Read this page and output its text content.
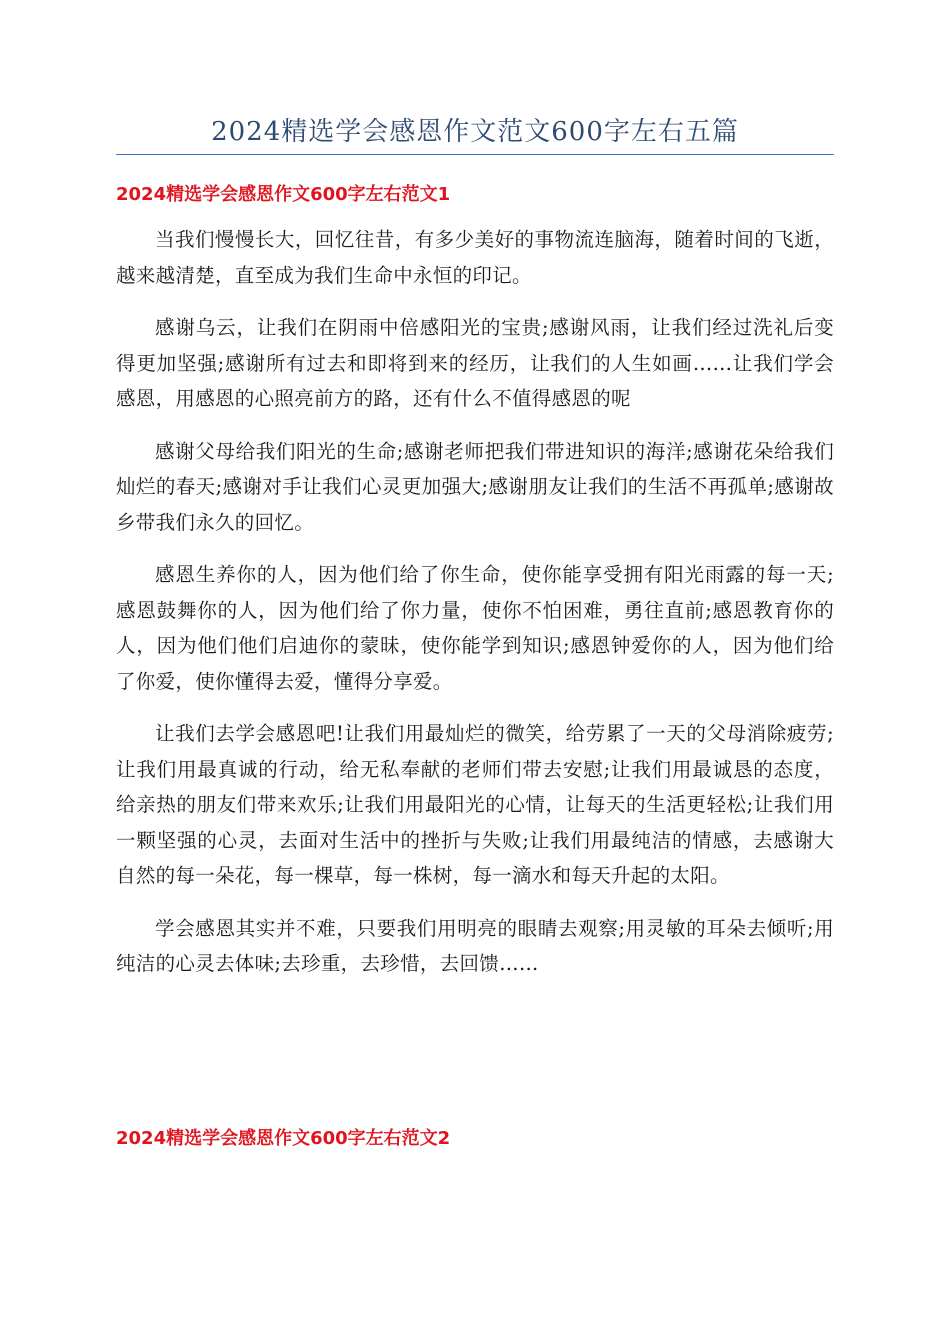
2024精选学会感恩作文范文600字左右五篇
2024精选学会感恩作文600字左右范文1

当我们慢慢长大，回忆往昔，有多少美好的事物流连脑海，随着时间的飞逝，越来越清楚，直至成为我们生命中永恒的印记。

感谢乌云，让我们在阴雨中倍感阳光的宝贵;感谢风雨，让我们经过洗礼后变得更加坚强;感谢所有过去和即将到来的经历，让我们的人生如画……让我们学会感恩，用感恩的心照亮前方的路，还有什么不值得感恩的呢

感谢父母给我们阳光的生命;感谢老师把我们带进知识的海洋;感谢花朵给我们灿烂的春天;感谢对手让我们心灵更加强大;感谢朋友让我们的生活不再孤单;感谢故乡带我们永久的回忆。

感恩生养你的人，因为他们给了你生命，使你能享受拥有阳光雨露的每一天;感恩鼓舞你的人，因为他们给了你力量，使你不怕困难，勇往直前;感恩教育你的人，因为他们他们启迪你的蒙昧，使你能学到知识;感恩钟爱你的人，因为他们给了你爱，使你懂得去爱，懂得分享爱。

让我们去学会感恩吧!让我们用最灿烂的微笑，给劳累了一天的父母消除疲劳;让我们用最真诚的行动，给无私奉献的老师们带去安慰;让我们用最诚恳的态度，给亲热的朋友们带来欢乐;让我们用最阳光的心情，让每天的生活更轻松;让我们用一颗坚强的心灵，去面对生活中的挫折与失败;让我们用最纯洁的情感，去感谢大自然的每一朵花，每一棵草，每一株树，每一滴水和每天升起的太阳。

学会感恩其实并不难，只要我们用明亮的眼睛去观察;用灵敏的耳朵去倾听;用纯洁的心灵去体味;去珍重，去珍惜，去回馈……

2024精选学会感恩作文600字左右范文2
